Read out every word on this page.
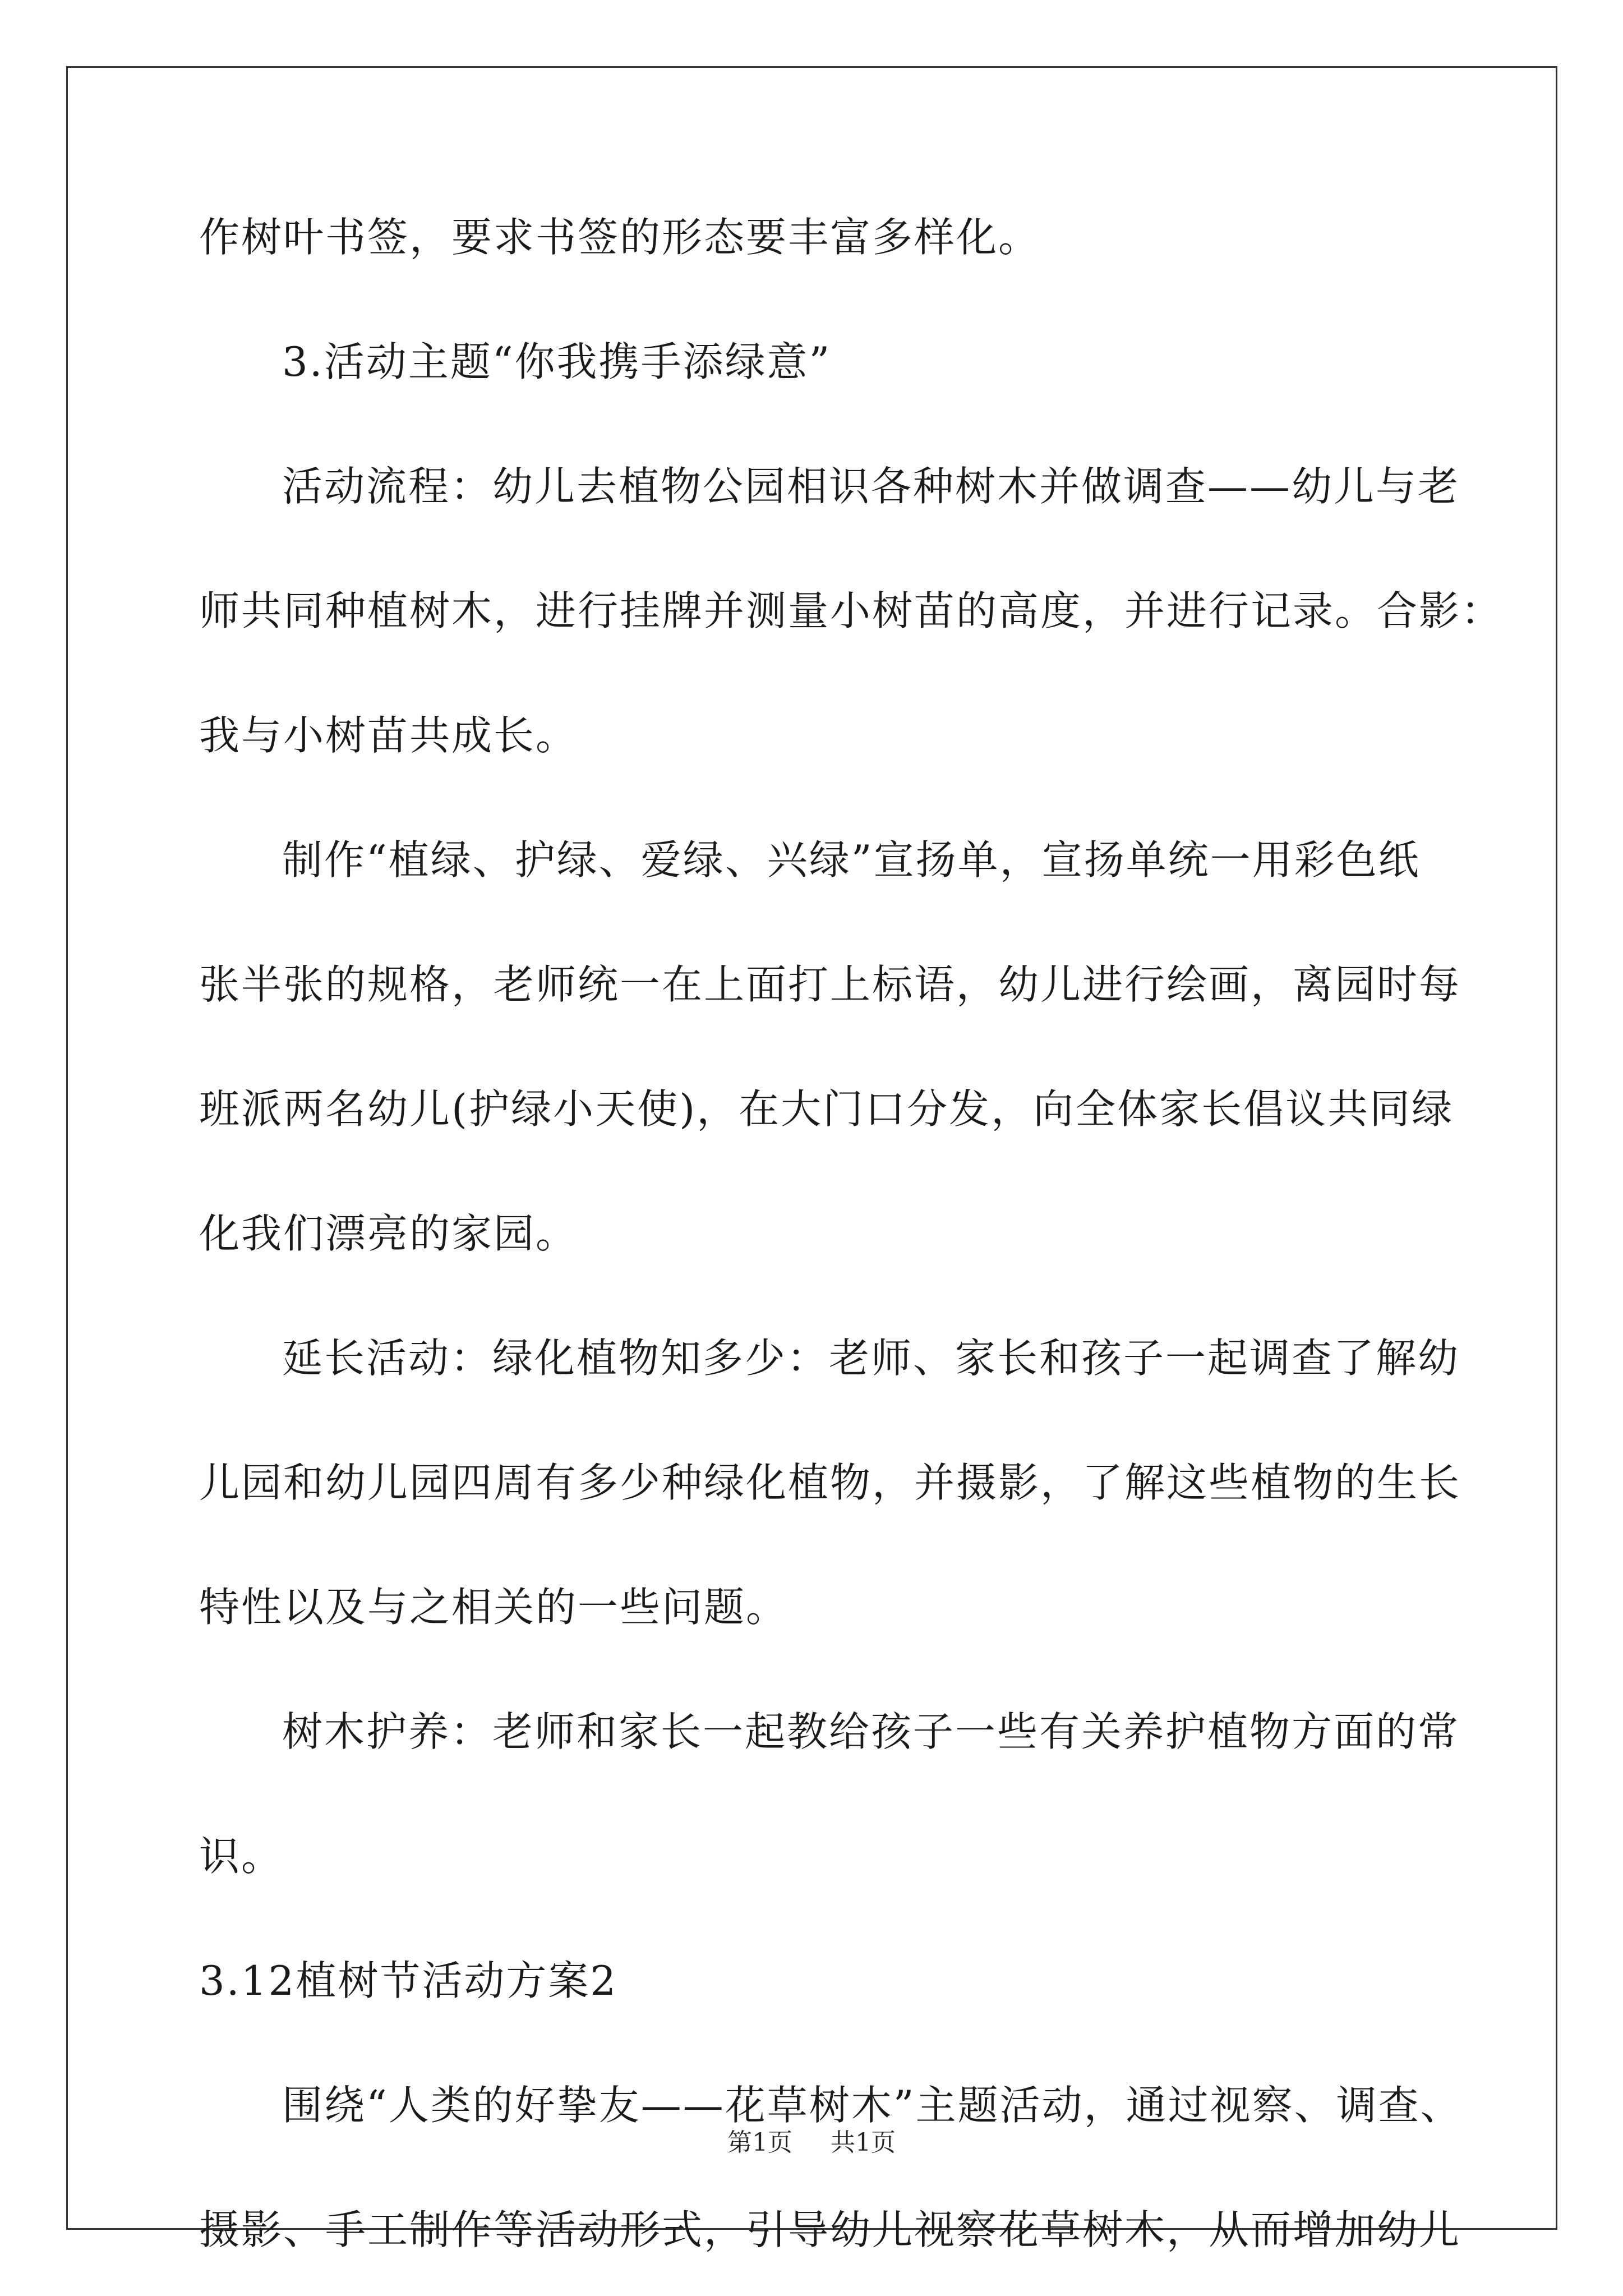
作树叶书签，要求书签的形态要丰富多样化。
3.活动主题“你我携手添绿意”
活动流程：幼儿去植物公园相识各种树木并做调查——幼儿与老
师共同种植树木，进行挂牌并测量小树苗的高度，并进行记录。合影：
我与小树苗共成长。
制作“植绿、护绿、爱绿、兴绿”宣扬单，宣扬单统一用彩色纸
张半张的规格，老师统一在上面打上标语，幼儿进行绘画，离园时每
班派两名幼儿(护绿小天使)，在大门口分发，向全体家长倡议共同绿
化我们漂亮的家园。
延长活动：绿化植物知多少：老师、家长和孩子一起调查了解幼
儿园和幼儿园四周有多少种绿化植物，并摄影，了解这些植物的生长
特性以及与之相关的一些问题。
树木护养：老师和家长一起教给孩子一些有关养护植物方面的常
识。
3.12植树节活动方案2
围绕“人类的好挚友——花草树木”主题活动，通过视察、调查、
摄影、手工制作等活动形式，引导幼儿视察花草树木，从而增加幼儿
第1页 共1页
